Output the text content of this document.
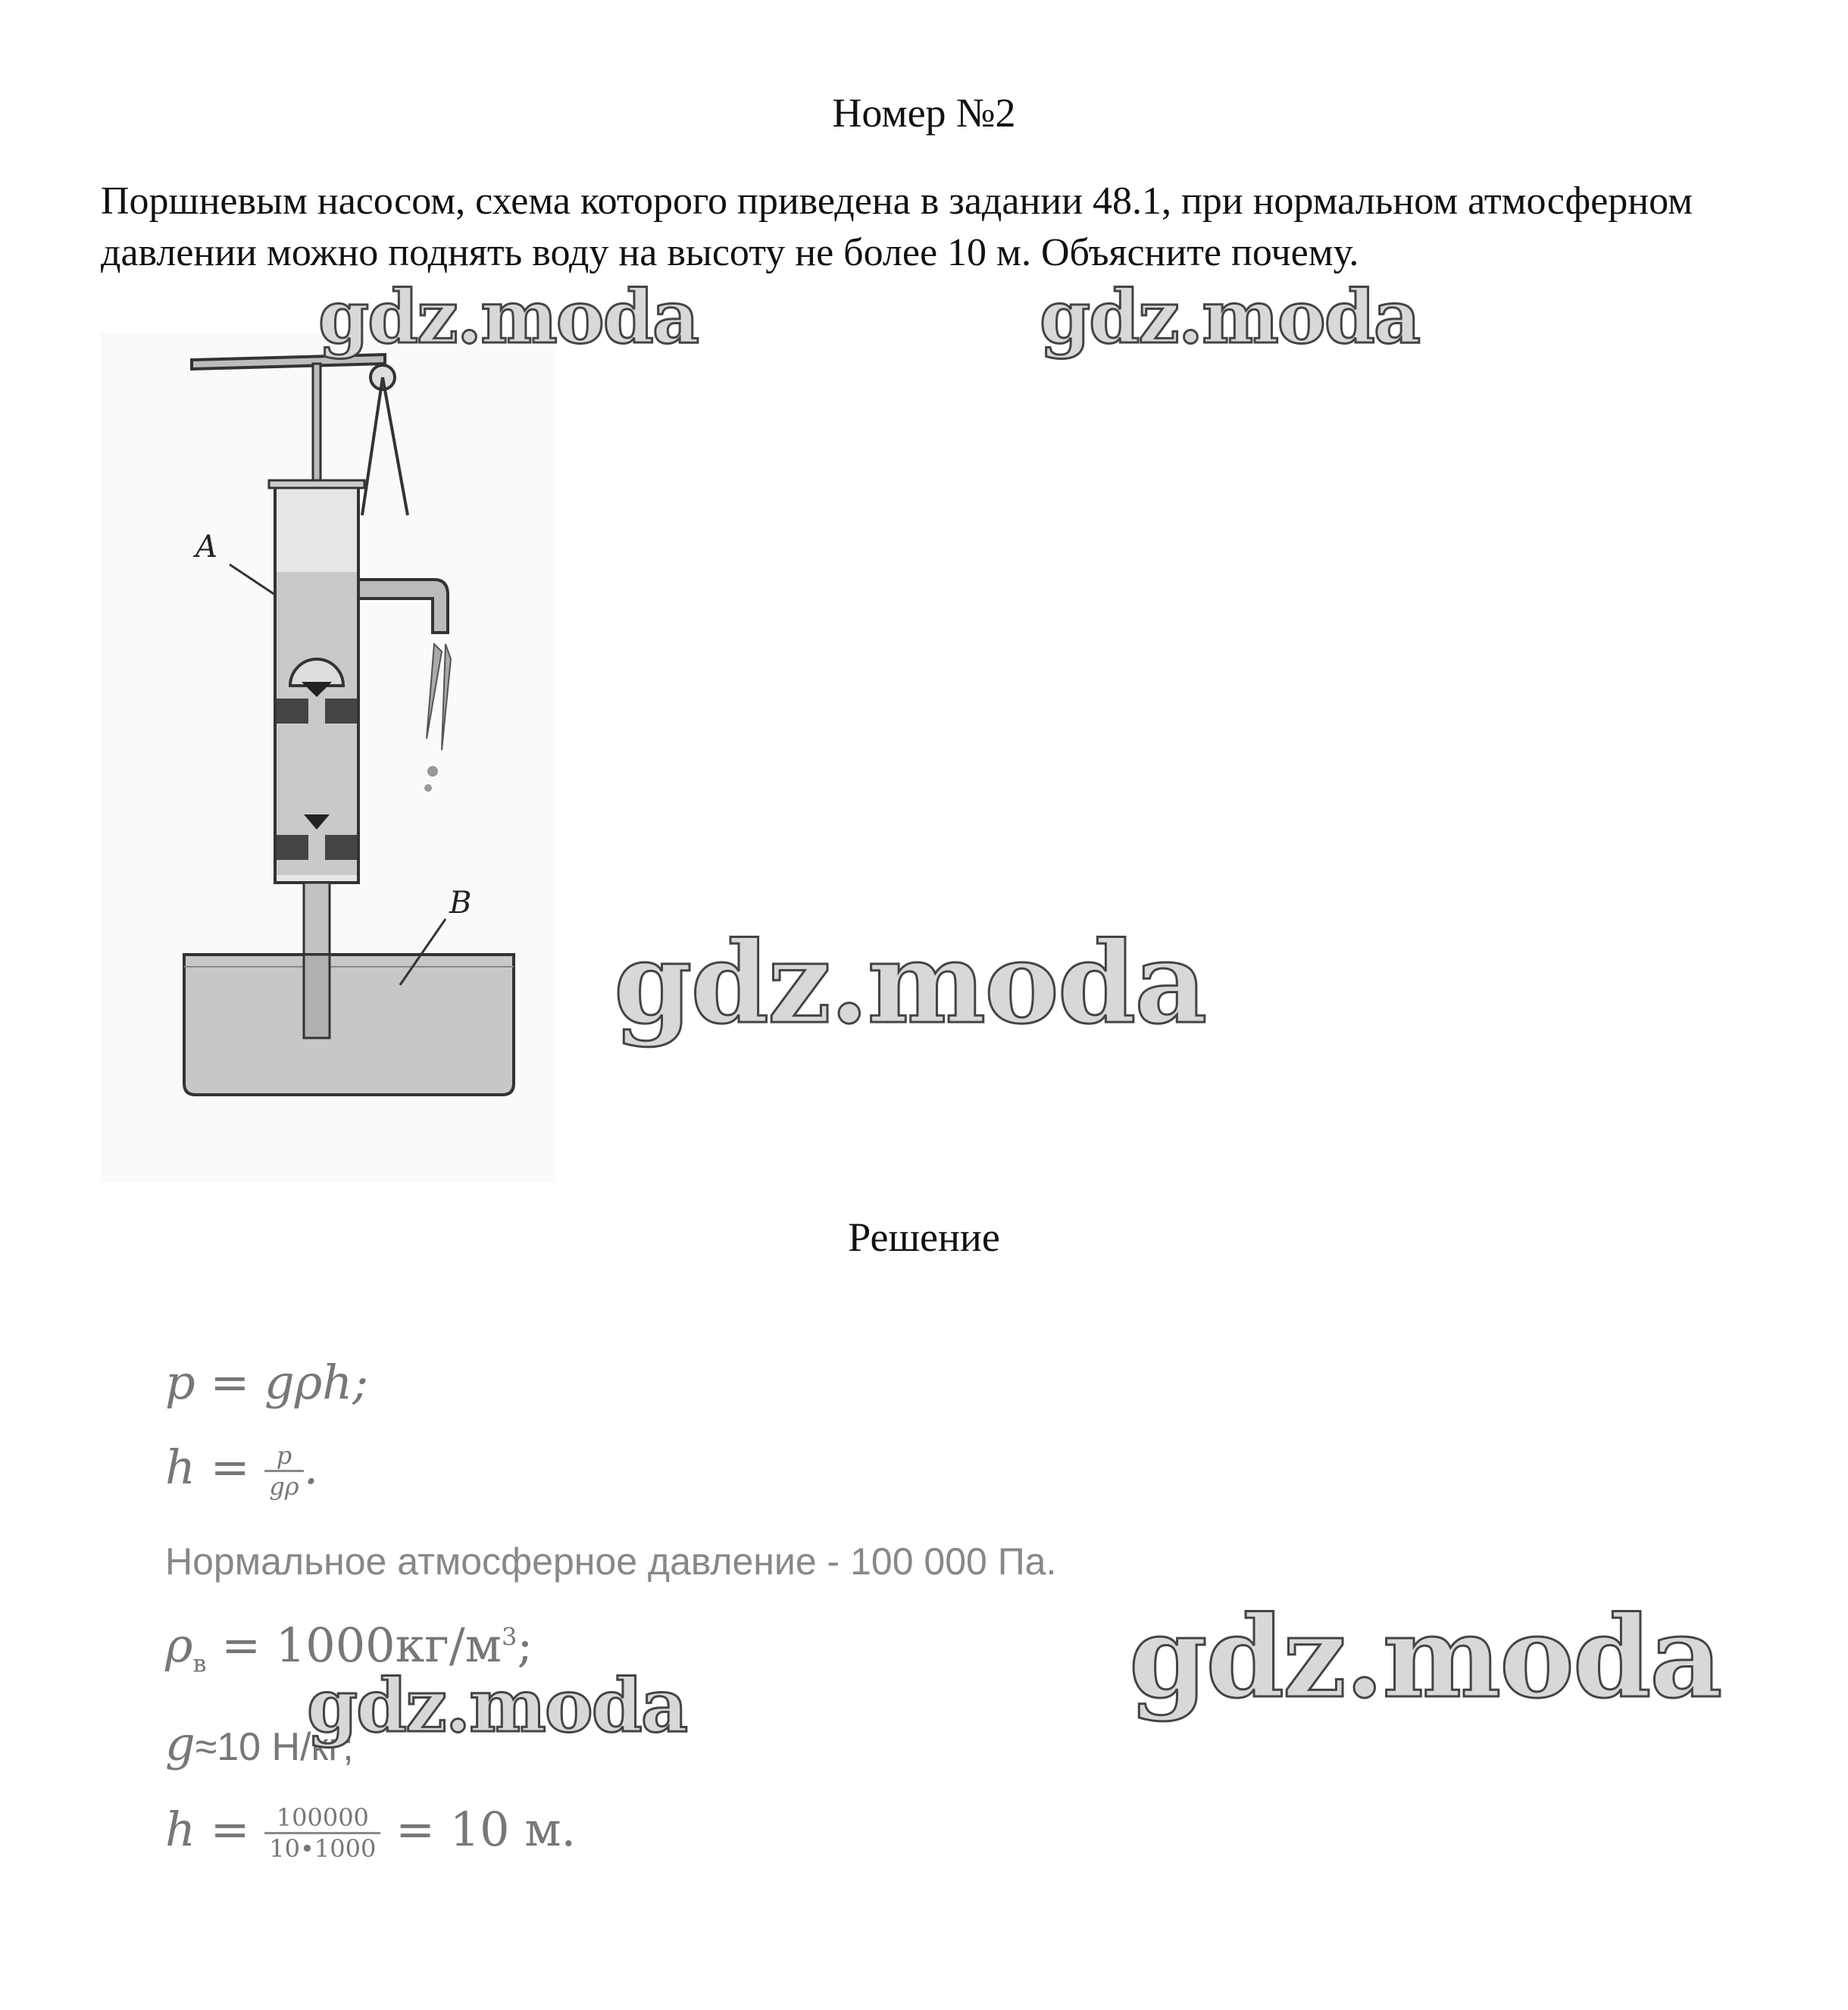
Номер №2
Поршневым насосом, схема которого приведена в задании 48.1, при нормальном атмосферном давлении можно поднять воду на высоту не более 10 м. Объясните почему.
A
B
gdz.moda	gdz.moda
gdz.moda
Решение
p = gρh;
$h = \frac{p}{g\rho}$ .
Нормальное атмосферное давление - 100 000 Па.
$\rho_в = 1000кг/м^3$;
g≈10 Н/кг;
$h = \frac{100000}{10•1000} = 10$ м.
gdz.moda
gdz.moda
